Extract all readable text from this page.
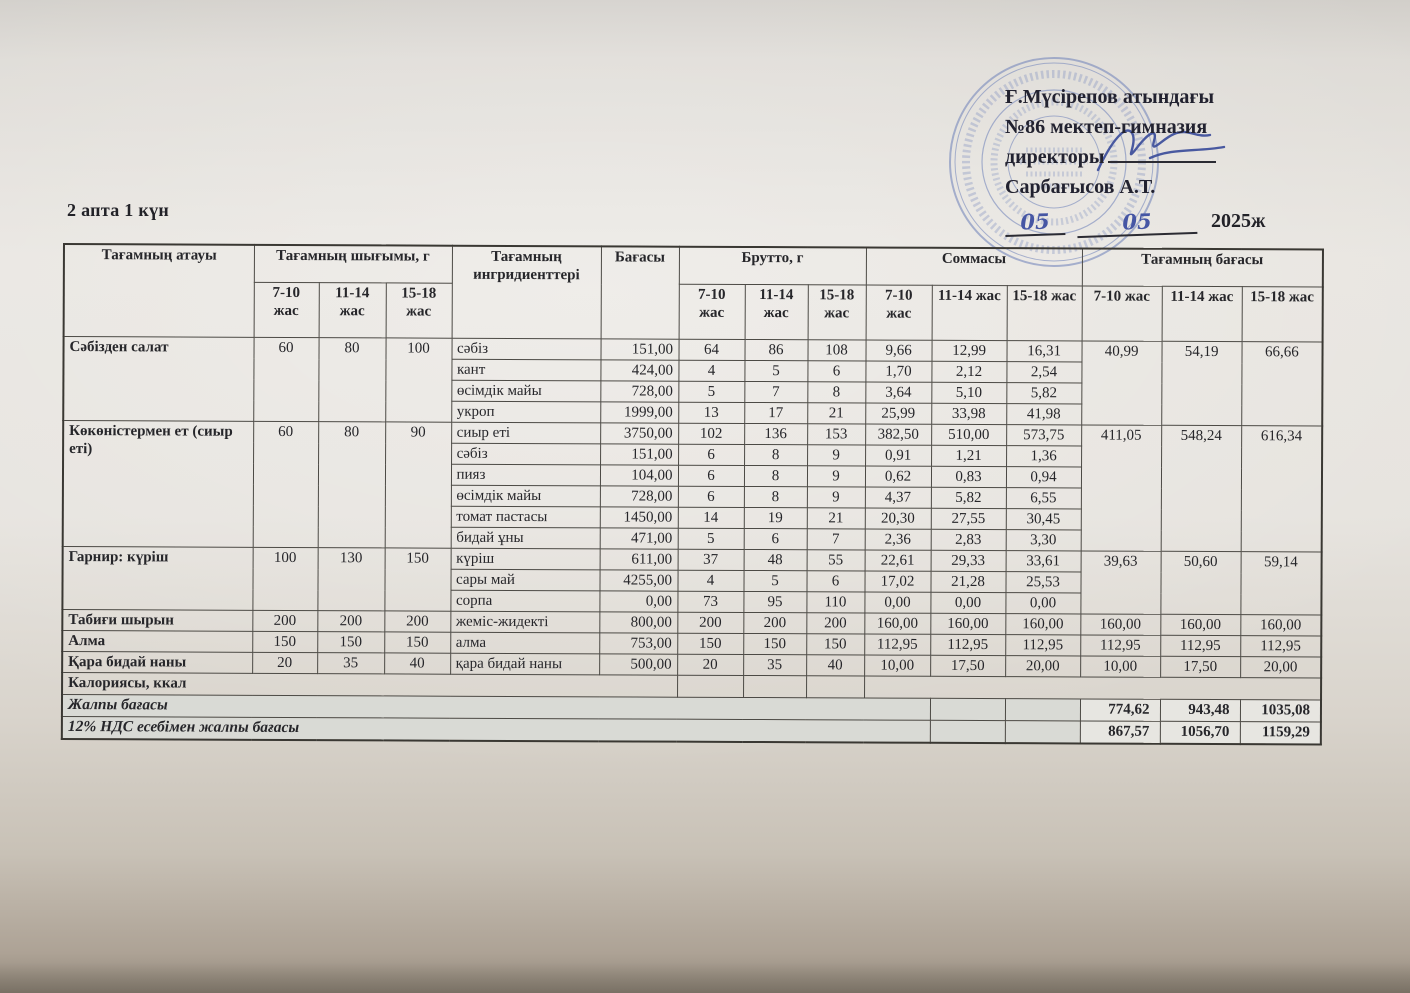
Ғ.Мүсірепов атындағы
№86 мектеп-гимназия
директоры
Сарбағысов А.Т.
05	05	2025ж
2 апта 1 күн
Тағамның атауы	Тағамның шығымы, г			Тағамның ингридиенттері	Бағасы	Брутто, г			Соммасы			Тағамның бағасы		
	7-10 жас	11-14 жас	15-18 жас			7-10 жас	11-14 жас	15-18 жас	7-10 жас	11-14 жас	15-18 жас	7-10 жас	11-14 жас	15-18 жас
Сәбізден салат	60	80	100	сәбіз	151,00	64	86	108	9,66	12,99	16,31	40,99	54,19	66,66
				кант	424,00	4	5	6	1,70	2,12	2,54			
				өсімдік майы	728,00	5	7	8	3,64	5,10	5,82			
				укроп	1999,00	13	17	21	25,99	33,98	41,98			
Көкөністермен ет (сиыр еті)	60	80	90	сиыр еті	3750,00	102	136	153	382,50	510,00	573,75	411,05	548,24	616,34
				сәбіз	151,00	6	8	9	0,91	1,21	1,36			
				пияз	104,00	6	8	9	0,62	0,83	0,94			
				өсімдік майы	728,00	6	8	9	4,37	5,82	6,55			
				томат пастасы	1450,00	14	19	21	20,30	27,55	30,45			
				бидай ұны	471,00	5	6	7	2,36	2,83	3,30			
Гарнир: күріш	100	130	150	күріш	611,00	37	48	55	22,61	29,33	33,61	39,63	50,60	59,14
				сары май	4255,00	4	5	6	17,02	21,28	25,53			
				сорпа	0,00	73	95	110	0,00	0,00	0,00			
Табиғи шырын	200	200	200	жеміс-жидекті	800,00	200	200	200	160,00	160,00	160,00	160,00	160,00	160,00
Алма	150	150	150	алма	753,00	150	150	150	112,95	112,95	112,95	112,95	112,95	112,95
Қара бидай наны	20	35	40	қара бидай наны	500,00	20	35	40	10,00	17,50	20,00	10,00	17,50	20,00
Калориясы, ккал														
Жалпы бағасы												774,62	943,48	1035,08
12% НДС есебімен жалпы бағасы												867,57	1056,70	1159,29
